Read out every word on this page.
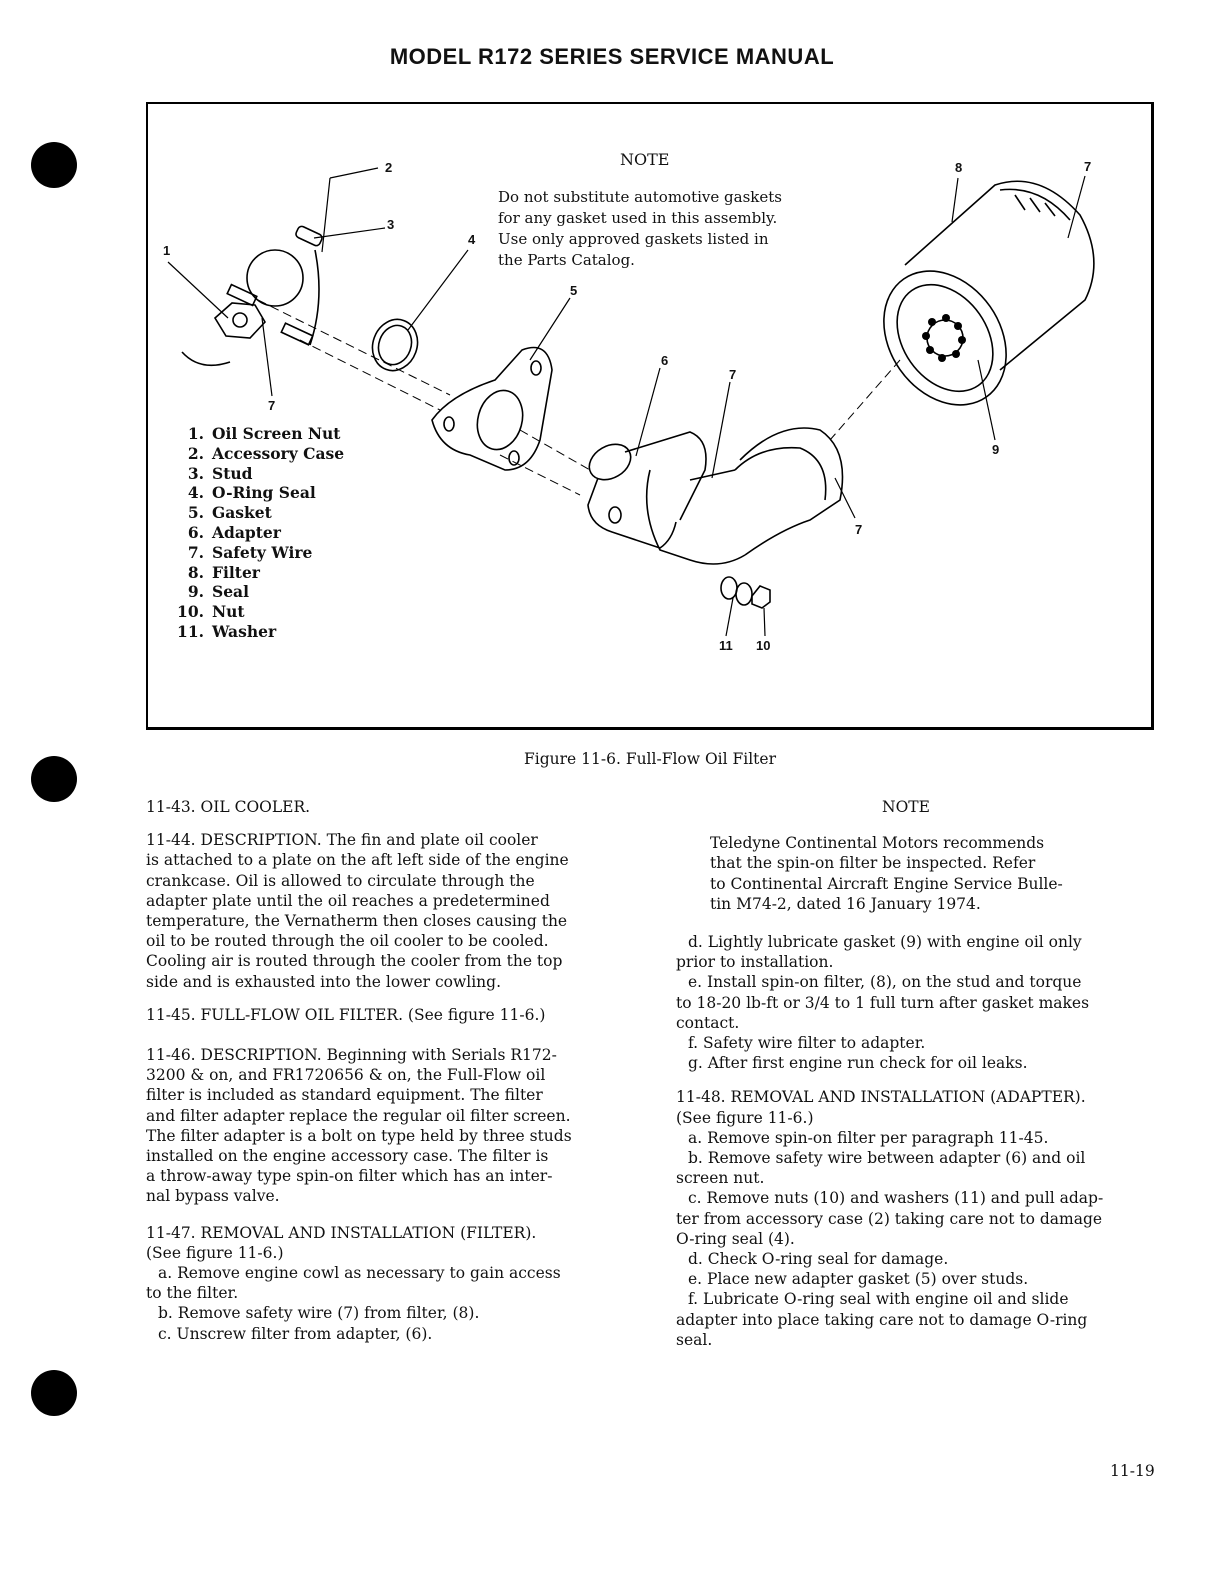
MODEL R172 SERIES SERVICE MANUAL
1
2
3
4
5
6
7
7
7
7
8
9
10
11
NOTE
Do not substitute automotive gaskets
for any gasket used in this assembly.
Use only approved gaskets listed in
the Parts Catalog.
1. Oil Screen Nut
2. Accessory Case
3. Stud
4. O-Ring Seal
5. Gasket
6. Adapter
7. Safety Wire
8. Filter
9. Seal
10. Nut
11. Washer
Figure 11-6. Full-Flow Oil Filter
11-43. OIL COOLER.
11-44. DESCRIPTION. The fin and plate oil cooler
is attached to a plate on the aft left side of the engine
crankcase. Oil is allowed to circulate through the
adapter plate until the oil reaches a predetermined
temperature, the Vernatherm then closes causing the
oil to be routed through the oil cooler to be cooled.
Cooling air is routed through the cooler from the top
side and is exhausted into the lower cowling.
11-45. FULL-FLOW OIL FILTER. (See figure 11-6.)
11-46. DESCRIPTION. Beginning with Serials R172-
3200 & on, and FR1720656 & on, the Full-Flow oil
filter is included as standard equipment. The filter
and filter adapter replace the regular oil filter screen.
The filter adapter is a bolt on type held by three studs
installed on the engine accessory case. The filter is
a throw-away type spin-on filter which has an inter-
nal bypass valve.
11-47. REMOVAL AND INSTALLATION (FILTER).
(See figure 11-6.)
a. Remove engine cowl as necessary to gain access
to the filter.
b. Remove safety wire (7) from filter, (8).
c. Unscrew filter from adapter, (6).
NOTE
Teledyne Continental Motors recommends
that the spin-on filter be inspected. Refer
to Continental Aircraft Engine Service Bulle-
tin M74-2, dated 16 January 1974.
d. Lightly lubricate gasket (9) with engine oil only
prior to installation.
e. Install spin-on filter, (8), on the stud and torque
to 18-20 lb-ft or 3/4 to 1 full turn after gasket makes
contact.
f. Safety wire filter to adapter.
g. After first engine run check for oil leaks.
11-48. REMOVAL AND INSTALLATION (ADAPTER).
(See figure 11-6.)
a. Remove spin-on filter per paragraph 11-45.
b. Remove safety wire between adapter (6) and oil
screen nut.
c. Remove nuts (10) and washers (11) and pull adap-
ter from accessory case (2) taking care not to damage
O-ring seal (4).
d. Check O-ring seal for damage.
e. Place new adapter gasket (5) over studs.
f. Lubricate O-ring seal with engine oil and slide
adapter into place taking care not to damage O-ring
seal.
11-19
